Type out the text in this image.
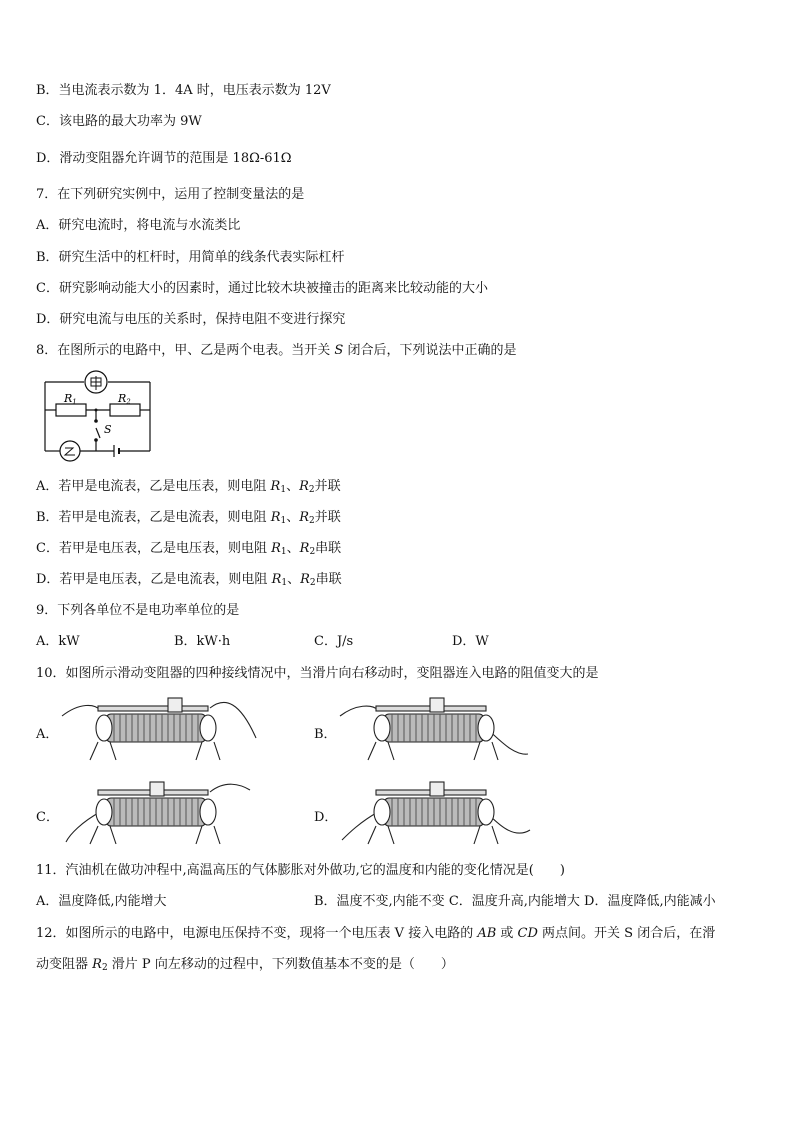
B．当电流表示数为 1．4A 时，电压表示数为 12V
C．该电路的最大功率为 9W
D．滑动变阻器允许调节的范围是 18Ω-61Ω
7．在下列研究实例中，运用了控制变量法的是
A．研究电流时，将电流与水流类比
B．研究生活中的杠杆时，用简单的线条代表实际杠杆
C．研究影响动能大小的因素时，通过比较木块被撞击的距离来比较动能的大小
D．研究电流与电压的关系时，保持电阻不变进行探究
8．在图所示的电路中，甲、乙是两个电表。当开关 S 闭合后，下列说法中正确的是
R1	R2
S
A．若甲是电流表，乙是电压表，则电阻 $R_1$、$R_2$并联
B．若甲是电流表，乙是电流表，则电阻 $R_1$、$R_2$并联
C．若甲是电压表，乙是电压表，则电阻 $R_1$、$R_2$串联
D．若甲是电压表，乙是电流表，则电阻 $R_1$、$R_2$串联
9．下列各单位不是电功率单位的是
A．kW	B．kW·h	C．J/s	D．W
10．如图所示滑动变阻器的四种接线情况中，当滑片向右移动时，变阻器连入电路的阻值变大的是
A．	B．
C．	D．
11．汽油机在做功冲程中,高温高压的气体膨胀对外做功,它的温度和内能的变化情况是(　　)
A．温度降低,内能增大	B．温度不变,内能不变 C．温度升高,内能增大 D．温度降低,内能减小
12．如图所示的电路中，电源电压保持不变，现将一个电压表 V 接入电路的 AB 或 CD 两点间。开关 S 闭合后，在滑
动变阻器 $R_2$ 滑片 P 向左移动的过程中，下列数值基本不变的是（　　）
